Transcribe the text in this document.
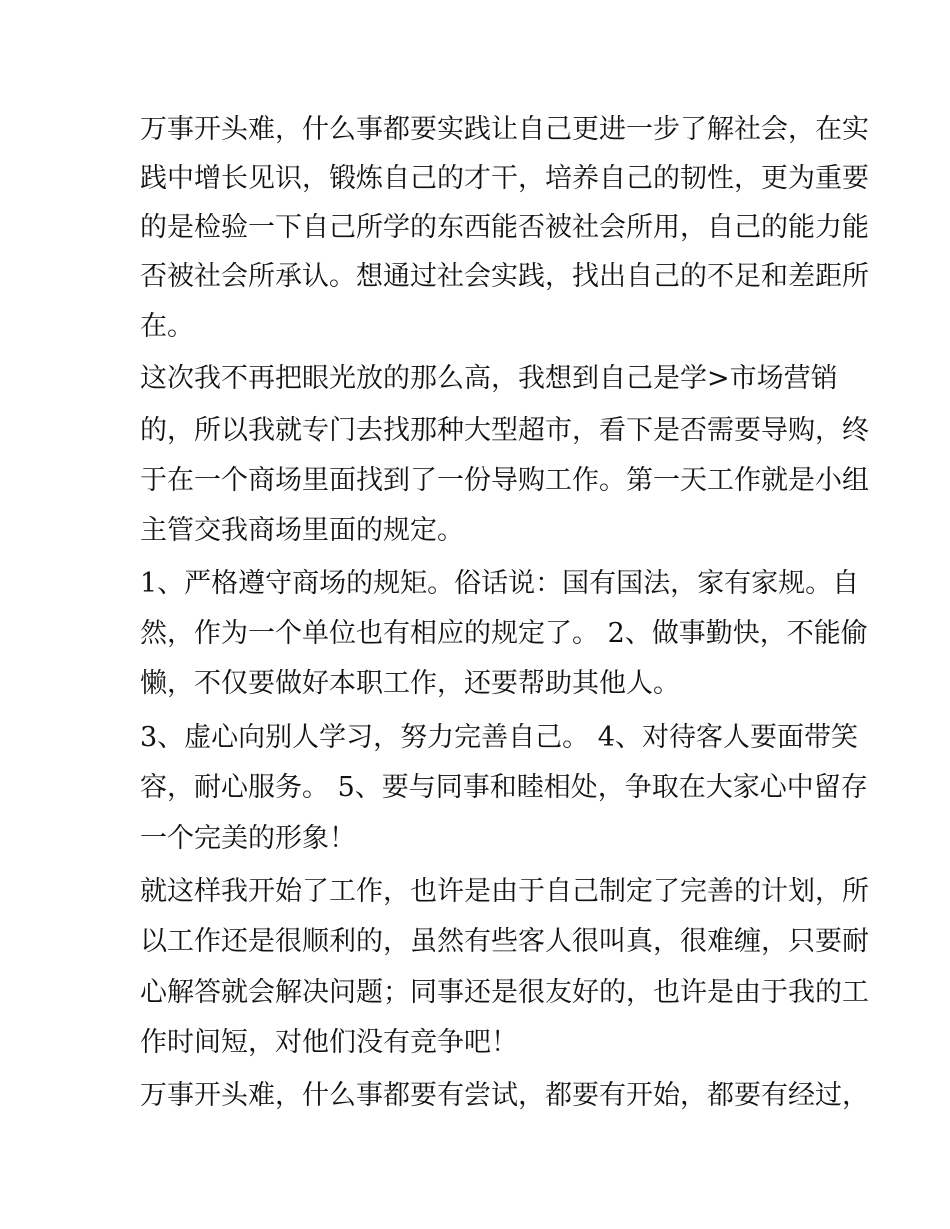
万事开头难，什么事都要实践让自己更进一步了解社会，在实
践中增长见识，锻炼自己的才干，培养自己的韧性，更为重要
的是检验一下自己所学的东西能否被社会所用，自己的能力能
否被社会所承认。想通过社会实践，找出自己的不足和差距所
在。
这次我不再把眼光放的那么高，我想到自己是学>市场营销
的，所以我就专门去找那种大型超市，看下是否需要导购，终
于在一个商场里面找到了一份导购工作。第一天工作就是小组
主管交我商场里面的规定。
1、严格遵守商场的规矩。俗话说：国有国法，家有家规。自
然，作为一个单位也有相应的规定了。 2、做事勤快，不能偷
懒，不仅要做好本职工作，还要帮助其他人。
3、虚心向别人学习，努力完善自己。 4、对待客人要面带笑
容，耐心服务。 5、要与同事和睦相处，争取在大家心中留存
一个完美的形象！
就这样我开始了工作，也许是由于自己制定了完善的计划，所
以工作还是很顺利的，虽然有些客人很叫真，很难缠，只要耐
心解答就会解决问题；同事还是很友好的，也许是由于我的工
作时间短，对他们没有竞争吧！
万事开头难，什么事都要有尝试，都要有开始，都要有经过，
